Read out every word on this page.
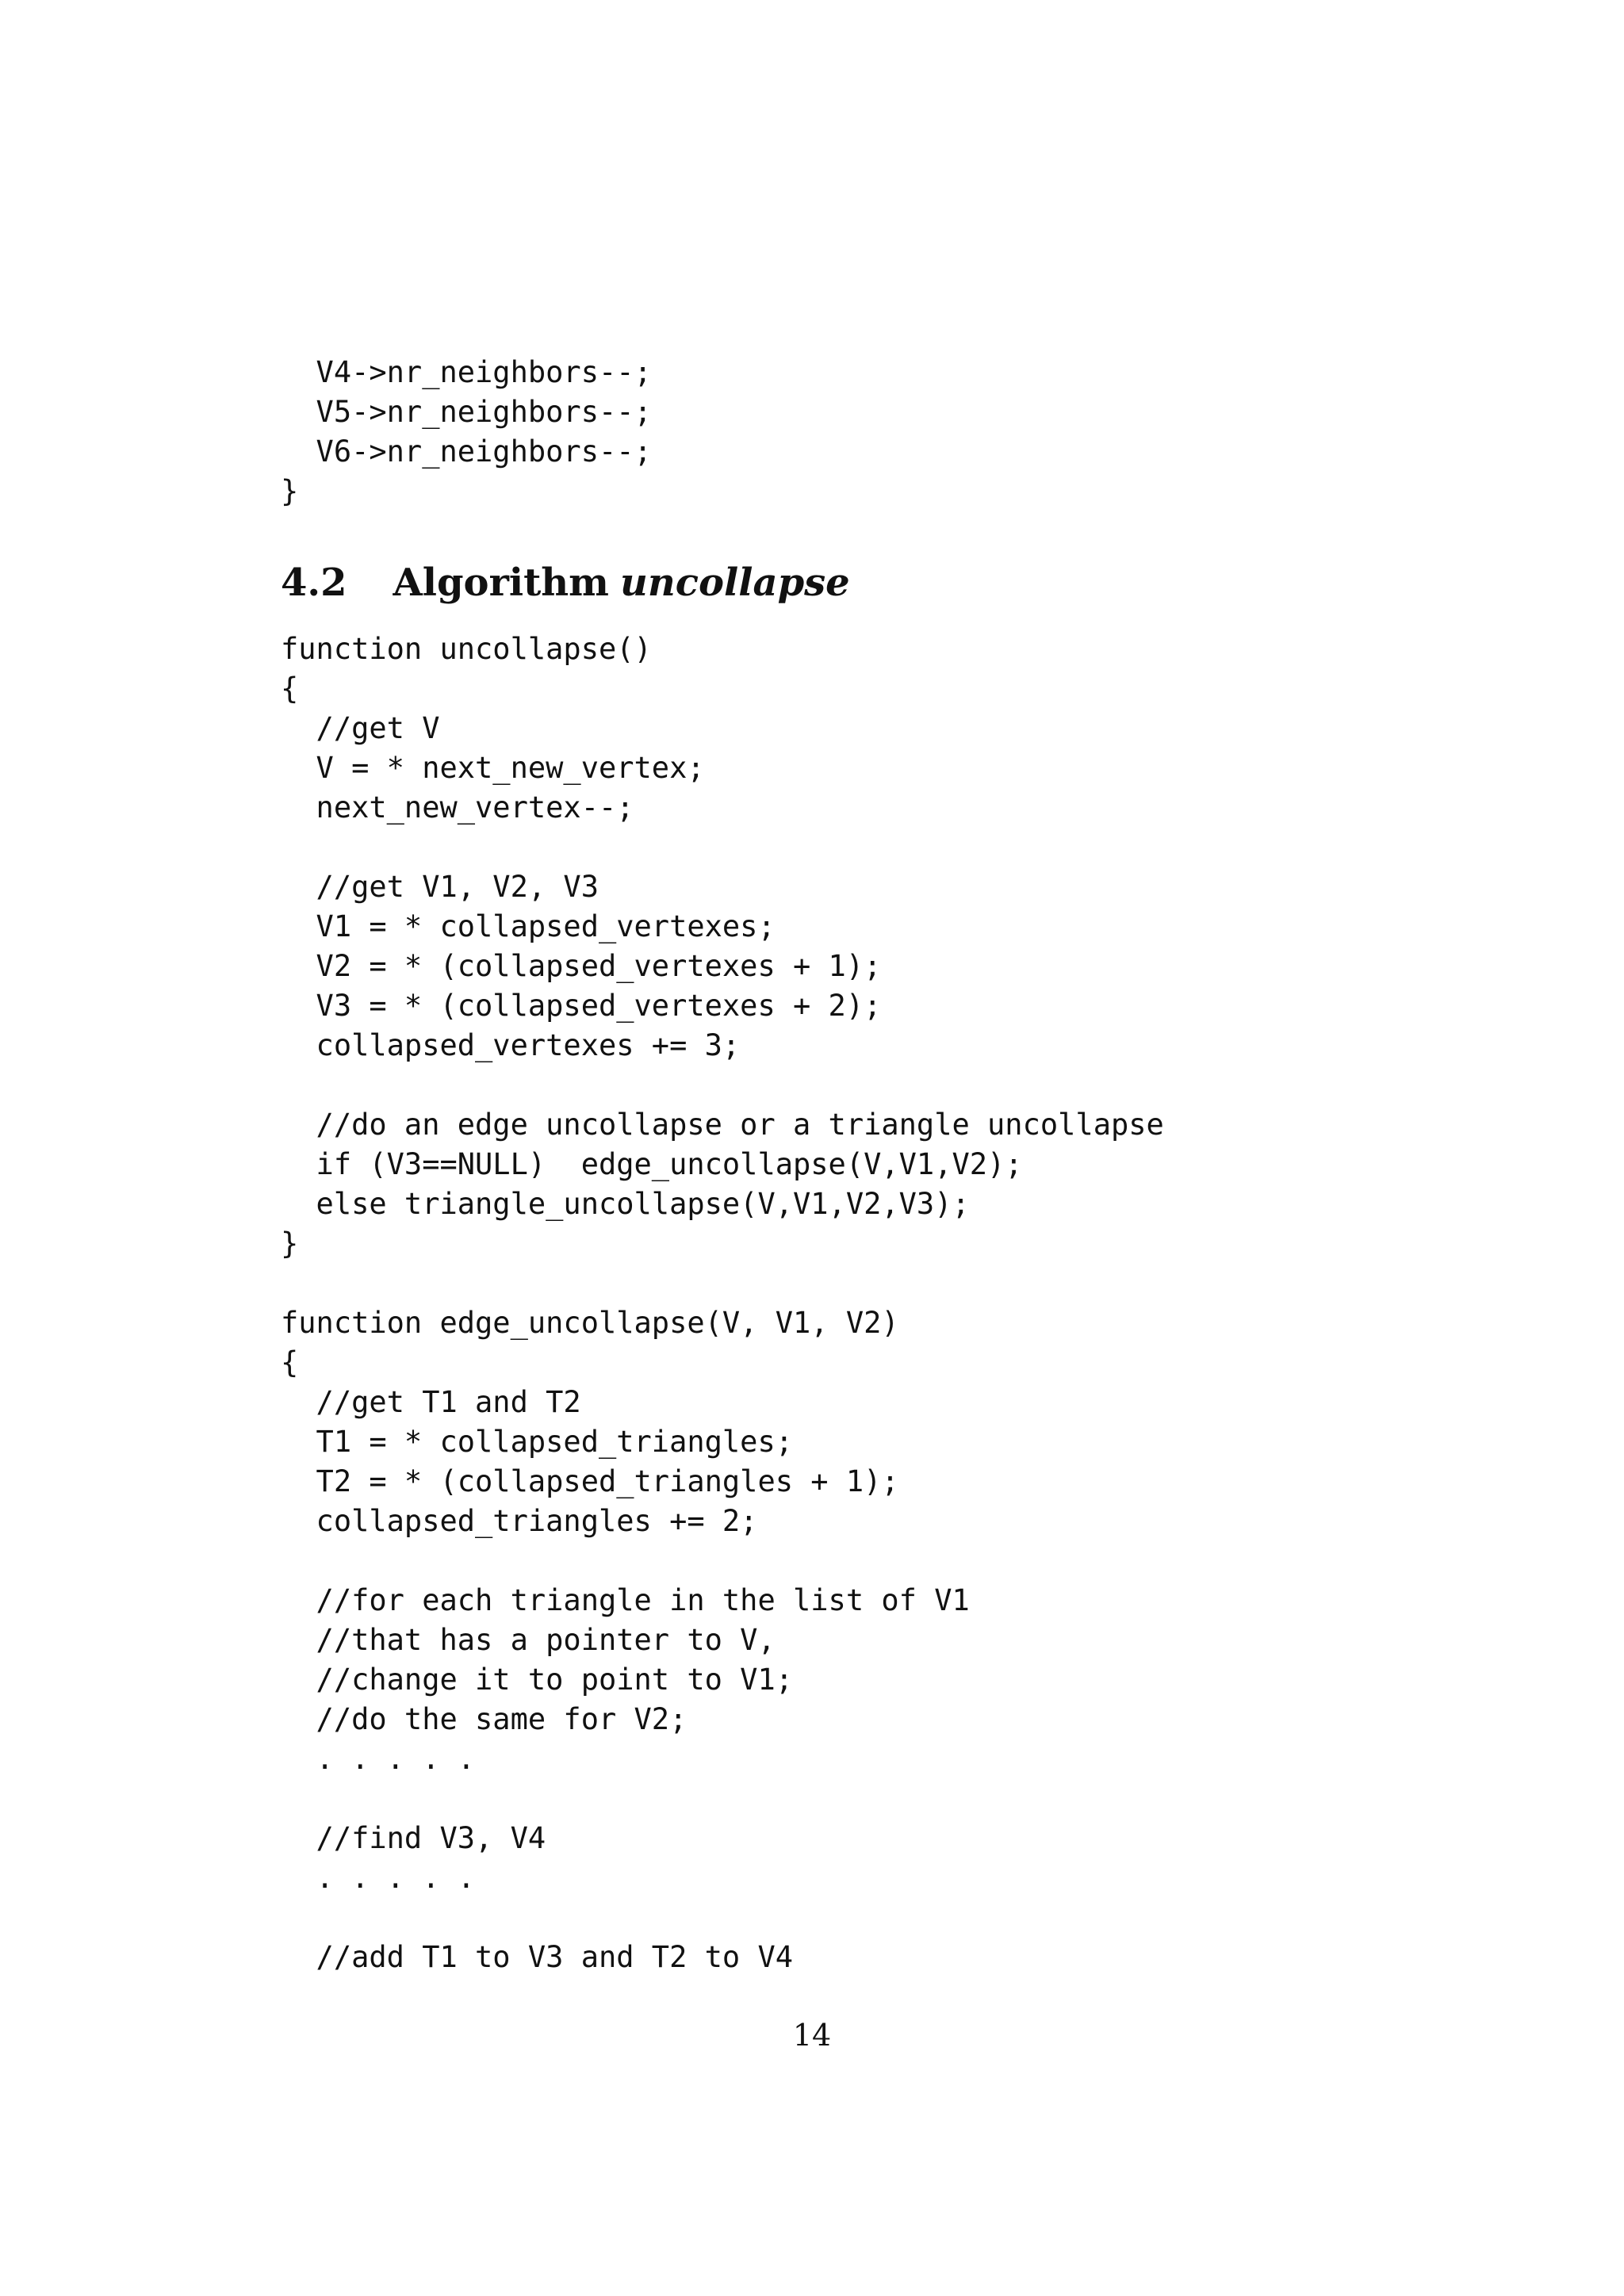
V4->nr_neighbors--;
V5->nr_neighbors--;
V6->nr_neighbors--;
}
4.2 Algorithm uncollapse
function uncollapse()
{
//get V
V = * next_new_vertex;
next_new_vertex--;
//get V1, V2, V3
V1 = * collapsed_vertexes;
V2 = * (collapsed_vertexes + 1);
V3 = * (collapsed_vertexes + 2);
collapsed_vertexes += 3;
//do an edge uncollapse or a triangle uncollapse
if (V3==NULL)  edge_uncollapse(V,V1,V2);
else triangle_uncollapse(V,V1,V2,V3);
}
function edge_uncollapse(V, V1, V2)
{
//get T1 and T2
T1 = * collapsed_triangles;
T2 = * (collapsed_triangles + 1);
collapsed_triangles += 2;
//for each triangle in the list of V1
//that has a pointer to V,
//change it to point to V1;
//do the same for V2;
. . . . .
//find V3, V4
. . . . .
//add T1 to V3 and T2 to V4
14
